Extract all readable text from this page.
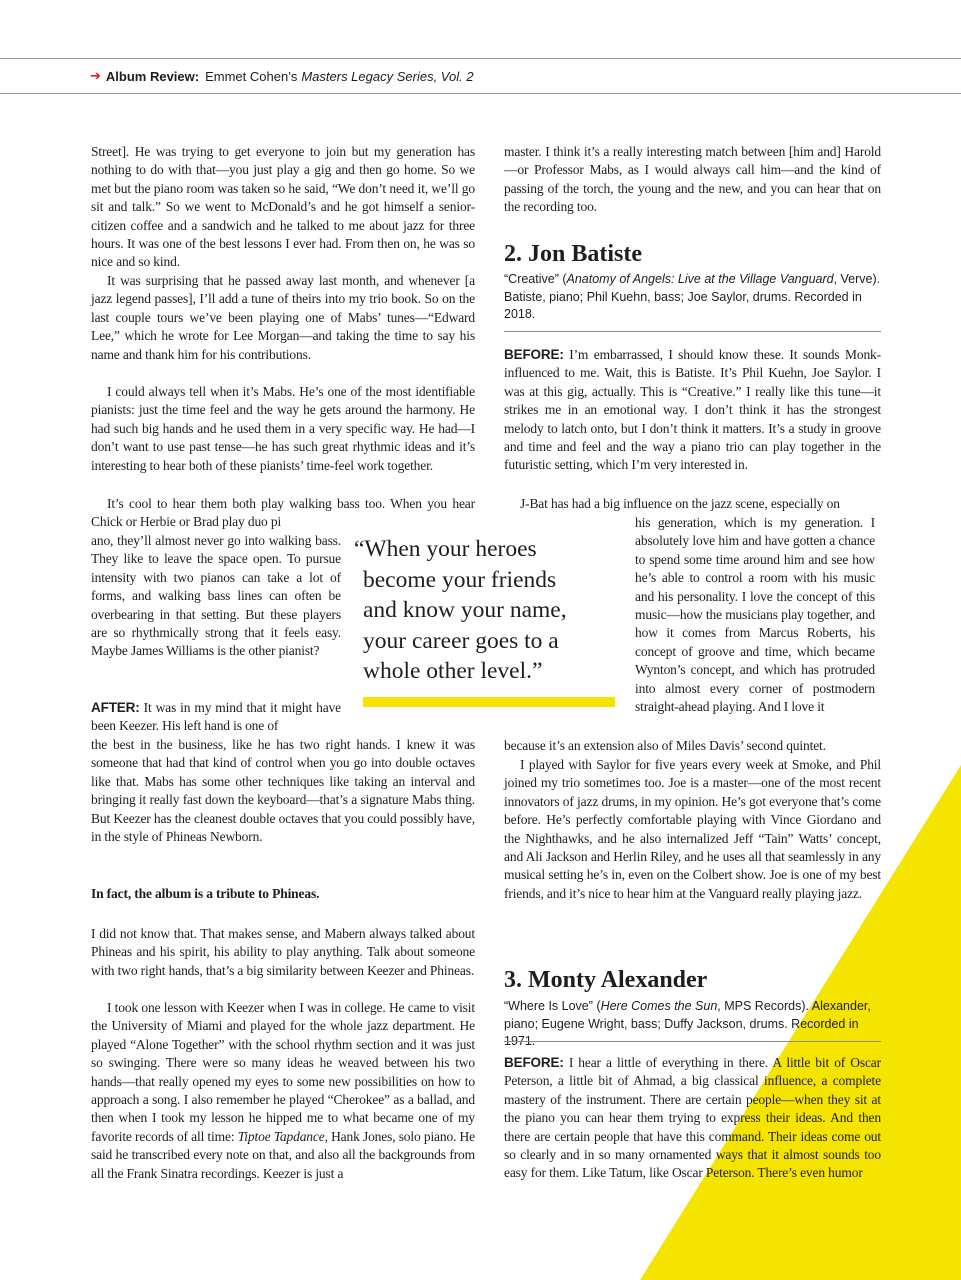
➔ Album Review: Emmet Cohen’s Masters Legacy Series, Vol. 2

Street]. He was trying to get everyone to join but my generation has nothing to do with that—you just play a gig and then go home. So we met but the piano room was taken so he said, “We don’t need it, we’ll go sit and talk.” So we went to McDonald’s and he got himself a senior-citizen coffee and a sandwich and he talked to me about jazz for three hours. It was one of the best lessons I ever had. From then on, he was so nice and so kind.

It was surprising that he passed away last month, and whenever [a jazz legend passes], I’ll add a tune of theirs into my trio book. So on the last couple tours we’ve been playing one of Mabs’ tunes—“Edward Lee,” which he wrote for Lee Morgan—and taking the time to say his name and thank him for his contributions.

I could always tell when it’s Mabs. He’s one of the most identifiable pianists: just the time feel and the way he gets around the harmony. He had such big hands and he used them in a very specific way. He had—I don’t want to use past tense—he has such great rhythmic ideas and it’s interesting to hear both of these pianists’ time-feel work together.

It’s cool to hear them both play walking bass too. When you hear Chick or Herbie or Brad play duo pi

ano, they’ll almost never go into walking bass. They like to leave the space open. To pursue intensity with two pianos can take a lot of forms, and walking bass lines can often be overbearing in that setting. But these players are so rhythmically strong that it feels easy. Maybe James Williams is the other pianist?

AFTER: It was in my mind that it might have been Keezer. His left hand is one of

the best in the business, like he has two right hands. I knew it was someone that had that kind of control when you go into double octaves like that. Mabs has some other techniques like taking an interval and bringing it really fast down the keyboard—that’s a signature Mabs thing. But Keezer has the cleanest double octaves that you could possibly have, in the style of Phineas Newborn.

In fact, the album is a tribute to Phineas.

I did not know that. That makes sense, and Mabern always talked about Phineas and his spirit, his ability to play anything. Talk about someone with two right hands, that’s a big similarity between Keezer and Phineas.

I took one lesson with Keezer when I was in college. He came to visit the University of Miami and played for the whole jazz department. He played “Alone Together” with the school rhythm section and it was just so swinging. There were so many ideas he weaved between his two hands—that really opened my eyes to some new possibilities on how to approach a song. I also remember he played “Cherokee” as a ballad, and then when I took my lesson he hipped me to what became one of my favorite records of all time: Tiptoe Tapdance, Hank Jones, solo piano. He said he transcribed every note on that, and also all the backgrounds from all the Frank Sinatra recordings. Keezer is just a

“When your heroes
become your friends
and know your name,
your career goes to a
whole other level.”

master. I think it’s a really interesting match between [him and] Harold—or Professor Mabs, as I would always call him—and the kind of passing of the torch, the young and the new, and you can hear that on the recording too.

2. Jon Batiste

“Creative” (Anatomy of Angels: Live at the Village Vanguard, Verve). Batiste, piano; Phil Kuehn, bass; Joe Saylor, drums. Recorded in 2018.

BEFORE: I’m embarrassed, I should know these. It sounds Monk-influenced to me. Wait, this is Batiste. It’s Phil Kuehn, Joe Saylor. I was at this gig, actually. This is “Creative.” I really like this tune—it strikes me in an emotional way. I don’t think it has the strongest melody to latch onto, but I don’t think it matters. It’s a study in groove and time and feel and the way a piano trio can play together in the futuristic setting, which I’m very interested in.

J-Bat has had a big influence on the jazz scene, especially on

his generation, which is my generation. I absolutely love him and have gotten a chance to spend some time around him and see how he’s able to control a room with his music and his personality. I love the concept of this music—how the musicians play together, and how it comes from Marcus Roberts, his concept of groove and time, which became Wynton’s concept, and which has protruded into almost every corner of postmodern straight-ahead playing. And I love it

because it’s an extension also of Miles Davis’ second quintet.

I played with Saylor for five years every week at Smoke, and Phil joined my trio sometimes too. Joe is a master—one of the most recent innovators of jazz drums, in my opinion. He’s got everyone that’s come before. He’s perfectly comfortable playing with Vince Giordano and the Nighthawks, and he also internalized Jeff “Tain” Watts’ concept, and Ali Jackson and Herlin Riley, and he uses all that seamlessly in any musical setting he’s in, even on the Colbert show. Joe is one of my best friends, and it’s nice to hear him at the Vanguard really playing jazz.

3. Monty Alexander

“Where Is Love” (Here Comes the Sun, MPS Records). Alexander, piano; Eugene Wright, bass; Duffy Jackson, drums. Recorded in 1971.

BEFORE: I hear a little of everything in there. A little bit of Oscar Peterson, a little bit of Ahmad, a big classical influence, a complete mastery of the instrument. There are certain people—when they sit at the piano you can hear them trying to express their ideas. And then there are certain people that have this command. Their ideas come out so clearly and in so many ornamented ways that it almost sounds too easy for them. Like Tatum, like Oscar Peterson. There’s even humor
